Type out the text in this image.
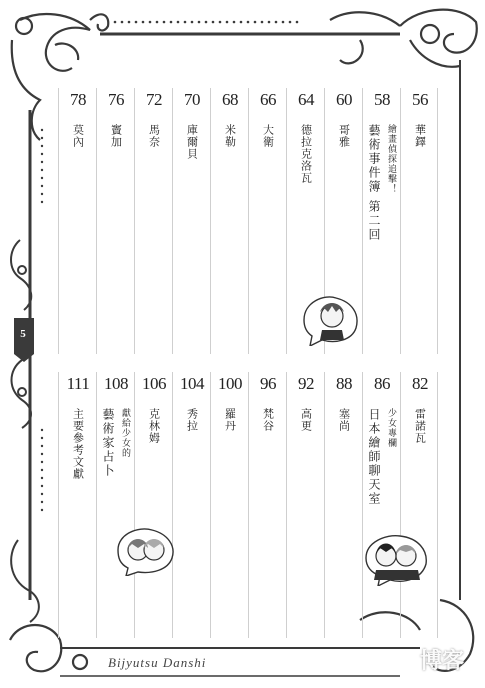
5
56
華鐸
58
繪畫偵探追擊！
藝術事件簿 第二回
60
哥雅
64
德拉克洛瓦
66
大衛
68
米勒
70
庫爾貝
72
馬奈
76
竇加
78
莫內
82
雷諾瓦
86
少女專欄
日本繪師聊天室
88
塞尚
92
高更
96
梵谷
100
羅丹
104
秀拉
106
克林姆
108
獻給少女的
藝術家占卜
111
主要參考文獻
Bijyutsu Danshi	博客
